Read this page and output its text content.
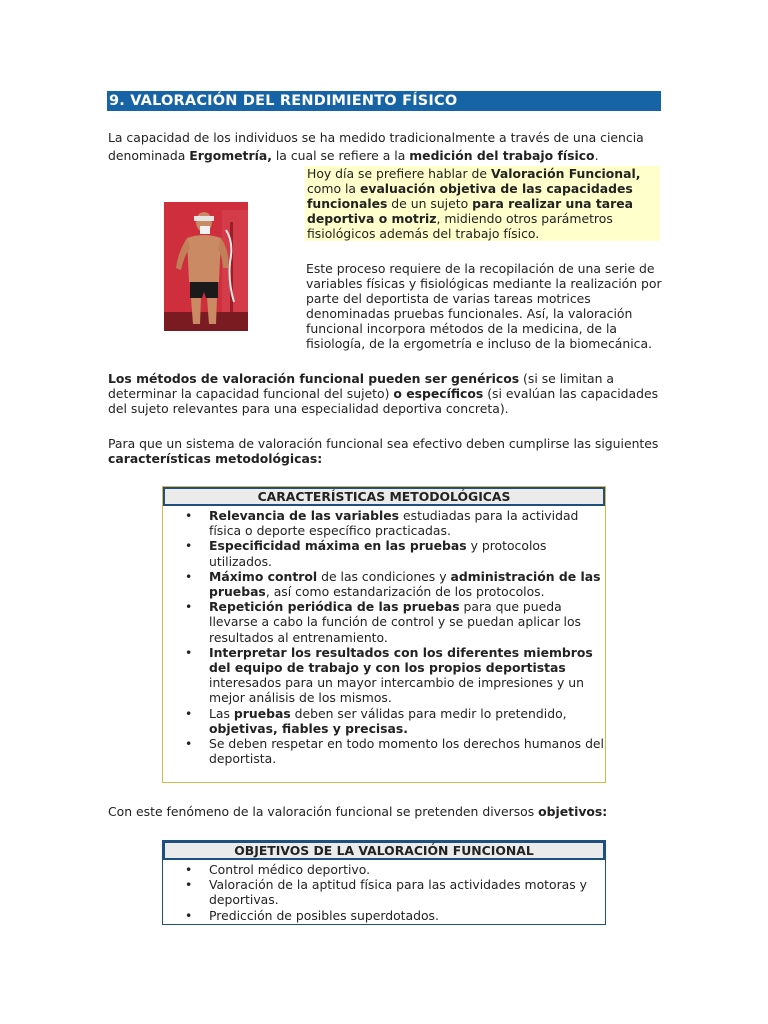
9. VALORACIÓN DEL RENDIMIENTO FÍSICO

La capacidad de los individuos se ha medido tradicionalmente a través de una ciencia denominada Ergometría, la cual se refiere a la medición del trabajo físico.

Hoy día se prefiere hablar de Valoración Funcional, como la evaluación objetiva de las capacidades funcionales de un sujeto para realizar una tarea deportiva o motriz, midiendo otros parámetros fisiológicos además del trabajo físico.

Este proceso requiere de la recopilación de una serie de variables físicas y fisiológicas mediante la realización por parte del deportista de varias tareas motrices denominadas pruebas funcionales. Así, la valoración funcional incorpora métodos de la medicina, de la fisiología, de la ergometría e incluso de la biomecánica.

Los métodos de valoración funcional pueden ser genéricos (si se limitan a determinar la capacidad funcional del sujeto) o específicos (si evalúan las capacidades del sujeto relevantes para una especialidad deportiva concreta).

Para que un sistema de valoración funcional sea efectivo deben cumplirse las siguientes características metodológicas:

CARACTERÍSTICAS METODOLÓGICAS
• Relevancia de las variables estudiadas para la actividad física o deporte específico practicadas.
• Especificidad máxima en las pruebas y protocolos utilizados.
• Máximo control de las condiciones y administración de las pruebas, así como estandarización de los protocolos.
• Repetición periódica de las pruebas para que pueda llevarse a cabo la función de control y se puedan aplicar los resultados al entrenamiento.
• Interpretar los resultados con los diferentes miembros del equipo de trabajo y con los propios deportistas interesados para un mayor intercambio de impresiones y un mejor análisis de los mismos.
• Las pruebas deben ser válidas para medir lo pretendido, objetivas, fiables y precisas.
• Se deben respetar en todo momento los derechos humanos del deportista.

Con este fenómeno de la valoración funcional se pretenden diversos objetivos:

OBJETIVOS DE LA VALORACIÓN FUNCIONAL
• Control médico deportivo.
• Valoración de la aptitud física para las actividades motoras y deportivas.
• Predicción de posibles superdotados.
